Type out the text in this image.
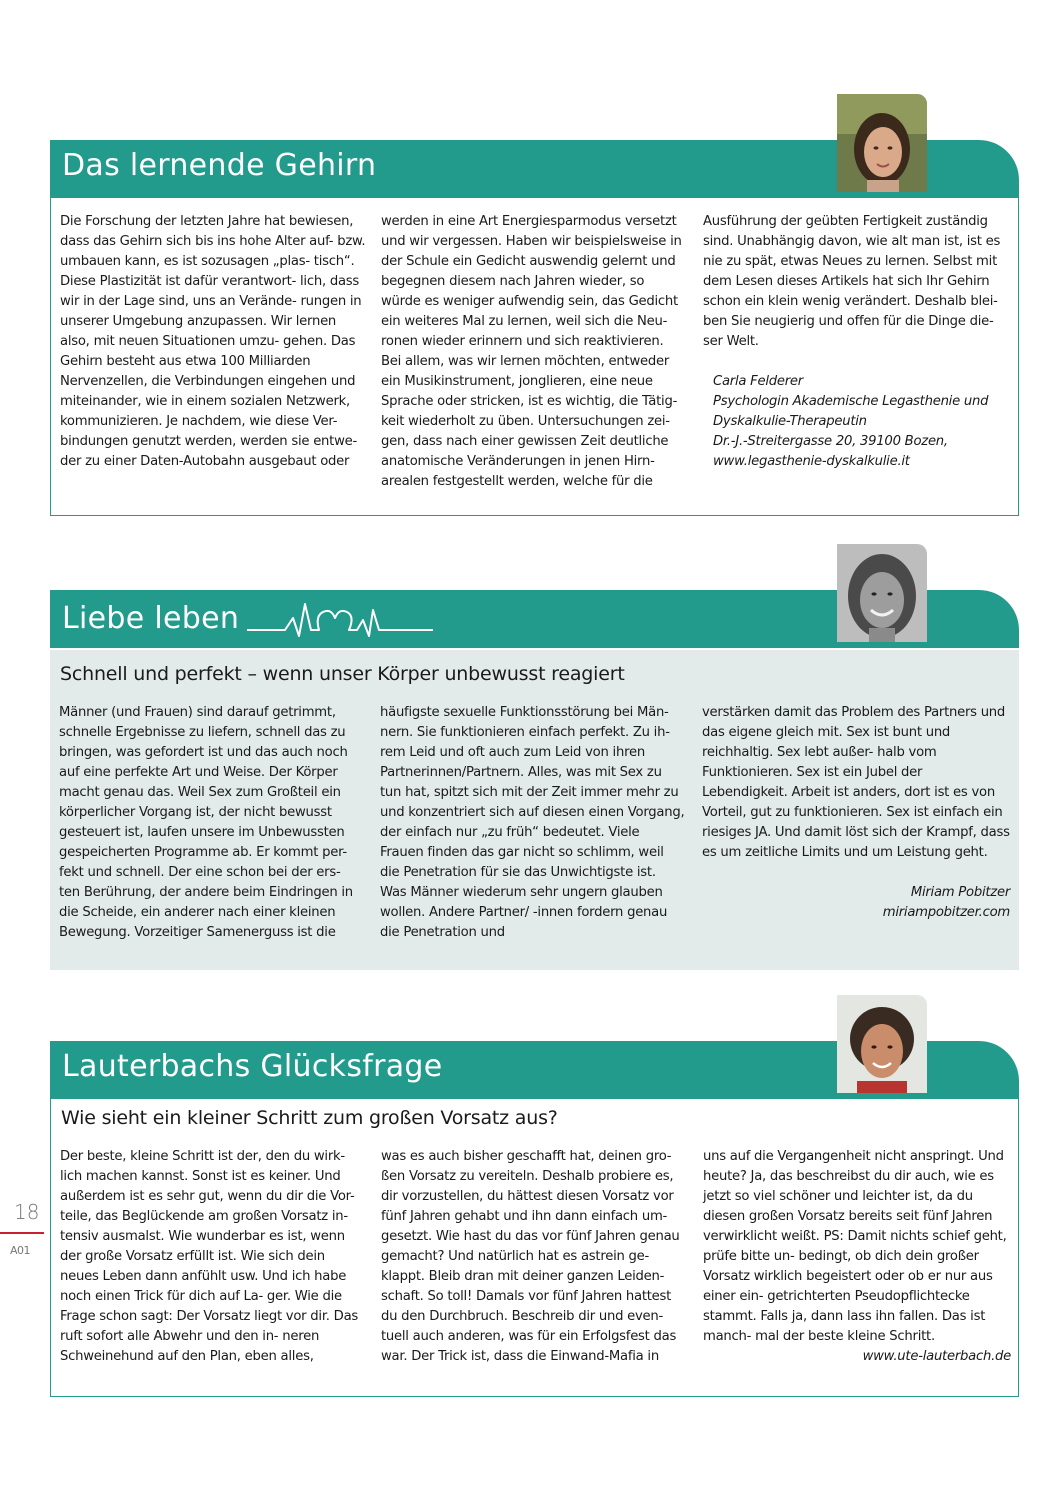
Das lernende Gehirn
Die Forschung der letzten Jahre hat bewiesen, dass das Gehirn sich bis ins hohe Alter auf- bzw. umbauen kann, es ist sozusagen „plas- tisch“. Diese Plastizität ist dafür verantwort- lich, dass wir in der Lage sind, uns an Verände- rungen in unserer Umgebung anzupassen. Wir lernen also, mit neuen Situationen umzu- gehen. Das Gehirn besteht aus etwa 100 Milliarden Nervenzellen, die Verbindungen eingehen und miteinander, wie in einem sozialen Netzwerk, kommunizieren. Je nachdem, wie diese Ver- bindungen genutzt werden, werden sie entwe- der zu einer Daten-Autobahn ausgebaut oder
werden in eine Art Energiesparmodus versetzt und wir vergessen. Haben wir beispielsweise in der Schule ein Gedicht auswendig gelernt und begegnen diesem nach Jahren wieder, so würde es weniger aufwendig sein, das Gedicht ein weiteres Mal zu lernen, weil sich die Neu- ronen wieder erinnern und sich reaktivieren. Bei allem, was wir lernen möchten, entweder ein Musikinstrument, jonglieren, eine neue Sprache oder stricken, ist es wichtig, die Tätig- keit wiederholt zu üben. Untersuchungen zei- gen, dass nach einer gewissen Zeit deutliche anatomische Veränderungen in jenen Hirn- arealen festgestellt werden, welche für die

Ausführung der geübten Fertigkeit zuständig sind. Unabhängig davon, wie alt man ist, ist es nie zu spät, etwas Neues zu lernen. Selbst mit dem Lesen dieses Artikels hat sich Ihr Gehirn schon ein klein wenig verändert. Deshalb blei- ben Sie neugierig und offen für die Dinge die- ser Welt.

Carla Felderer
Psychologin Akademische Legasthenie und
Dyskalkulie-Therapeutin
Dr.-J.-Streitergasse 20, 39100 Bozen,
www.legasthenie-dyskalkulie.it
Liebe leben
Schnell und perfekt – wenn unser Körper unbewusst reagiert
Männer (und Frauen) sind darauf getrimmt, schnelle Ergebnisse zu liefern, schnell das zu bringen, was gefordert ist und das auch noch auf eine perfekte Art und Weise. Der Körper macht genau das. Weil Sex zum Großteil ein körperlicher Vorgang ist, der nicht bewusst gesteuert ist, laufen unsere im Unbewussten gespeicherten Programme ab. Er kommt per- fekt und schnell. Der eine schon bei der ers- ten Berührung, der andere beim Eindringen in die Scheide, ein anderer nach einer kleinen Bewegung. Vorzeitiger Samenerguss ist die
häufigste sexuelle Funktionsstörung bei Män- nern. Sie funktionieren einfach perfekt. Zu ih- rem Leid und oft auch zum Leid von ihren Partnerinnen/Partnern. Alles, was mit Sex zu tun hat, spitzt sich mit der Zeit immer mehr zu und konzentriert sich auf diesen einen Vorgang, der einfach nur „zu früh“ bedeutet. Viele Frauen finden das gar nicht so schlimm, weil die Penetration für sie das Unwichtigste ist. Was Männer wiederum sehr ungern glauben wollen. Andere Partner/ -innen fordern genau die Penetration und

verstärken damit das Problem des Partners und das eigene gleich mit. Sex ist bunt und reichhaltig. Sex lebt außer- halb vom Funktionieren. Sex ist ein Jubel der Lebendigkeit. Arbeit ist anders, dort ist es von Vorteil, gut zu funktionieren. Sex ist einfach ein riesiges JA. Und damit löst sich der Krampf, dass es um zeitliche Limits und um Leistung geht.

Miriam Pobitzer
miriampobitzer.com
Lauterbachs Glücksfrage
Wie sieht ein kleiner Schritt zum großen Vorsatz aus?
Der beste, kleine Schritt ist der, den du wirk- lich machen kannst. Sonst ist es keiner. Und außerdem ist es sehr gut, wenn du dir die Vor- teile, das Beglückende am großen Vorsatz in- tensiv ausmalst. Wie wunderbar es ist, wenn der große Vorsatz erfüllt ist. Wie sich dein neues Leben dann anfühlt usw. Und ich habe noch einen Trick für dich auf La- ger. Wie die Frage schon sagt: Der Vorsatz liegt vor dir. Das ruft sofort alle Abwehr und den in- neren Schweinehund auf den Plan, eben alles,
was es auch bisher geschafft hat, deinen gro- ßen Vorsatz zu vereiteln. Deshalb probiere es, dir vorzustellen, du hättest diesen Vorsatz vor fünf Jahren gehabt und ihn dann einfach um- gesetzt. Wie hast du das vor fünf Jahren genau gemacht? Und natürlich hat es astrein ge- klappt. Bleib dran mit deiner ganzen Leiden- schaft. So toll! Damals vor fünf Jahren hattest du den Durchbruch. Beschreib dir und even- tuell auch anderen, was für ein Erfolgsfest das war. Der Trick ist, dass die Einwand-Mafia in

uns auf die Vergangenheit nicht anspringt. Und heute? Ja, das beschreibst du dir auch, wie es jetzt so viel schöner und leichter ist, da du diesen großen Vorsatz bereits seit fünf Jahren verwirklicht weißt. PS: Damit nichts schief geht, prüfe bitte un- bedingt, ob dich dein großer Vorsatz wirklich begeistert oder ob er nur aus einer ein- getrichterten Pseudopflichtecke stammt. Falls ja, dann lass ihn fallen. Das ist manch- mal der beste kleine Schritt.

www.ute-lauterbach.de
18
A01
